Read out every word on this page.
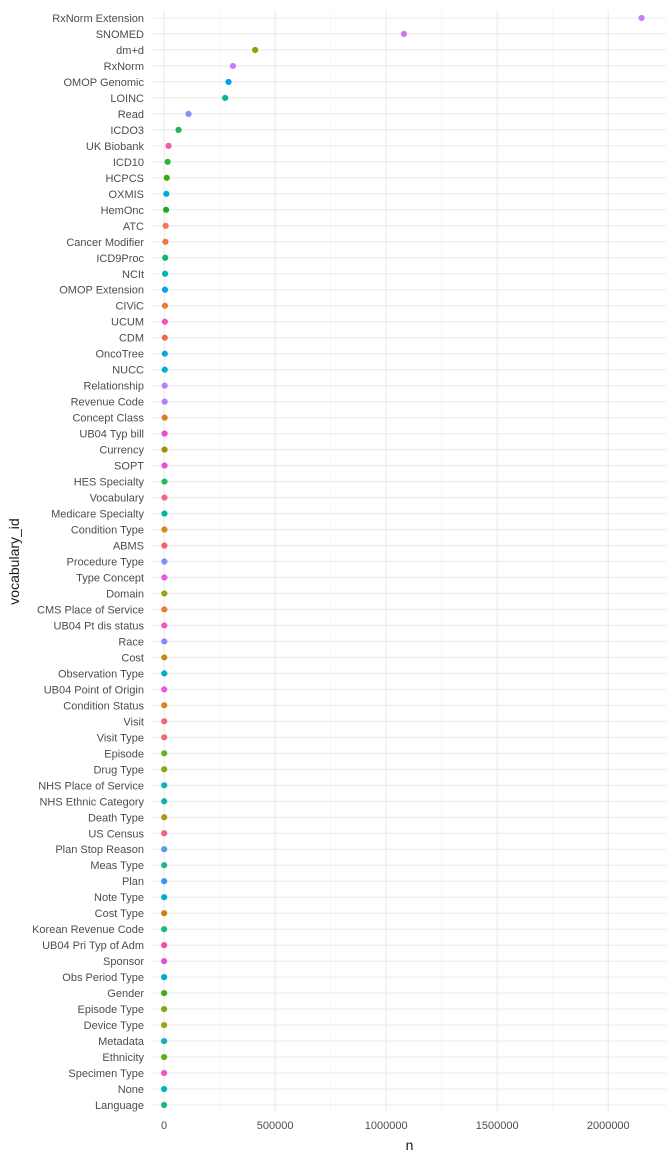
RxNorm Extension
SNOMED
dm+d
RxNorm
OMOP Genomic
LOINC
Read
ICDO3
UK Biobank
ICD10
HCPCS
OXMIS
HemOnc
ATC
Cancer Modifier
ICD9Proc
NCIt
OMOP Extension
CIViC
UCUM
CDM
OncoTree
NUCC
Relationship
Revenue Code
Concept Class
UB04 Typ bill
Currency
SOPT
HES Specialty
Vocabulary
Medicare Specialty
Condition Type
ABMS
Procedure Type
Type Concept
Domain
CMS Place of Service
UB04 Pt dis status
Race
Cost
Observation Type
UB04 Point of Origin
Condition Status
Visit
Visit Type
Episode
Drug Type
NHS Place of Service
NHS Ethnic Category
Death Type
US Census
Plan Stop Reason
Meas Type
Plan
Note Type
Cost Type
Korean Revenue Code
UB04 Pri Typ of Adm
Sponsor
Obs Period Type
Gender
Episode Type
Device Type
Metadata
Ethnicity
Specimen Type
None
Language
0	500000	1000000	1500000	2000000
n
vocabulary_id
